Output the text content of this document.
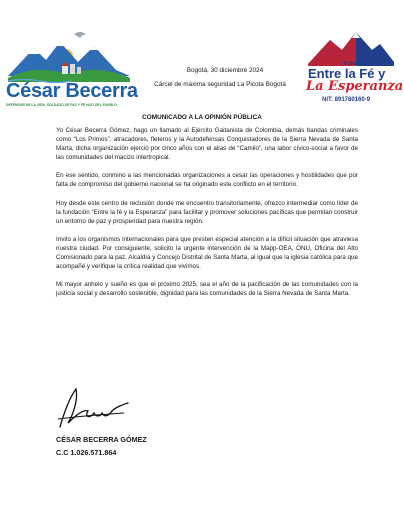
César Becerra
DEFENSOR DE LA VIDA, SOLDADO DE PAZ Y FE HIJO DEL PUEBLO
FUNDACIÓN
Entre la Fé y
La Esperanza
NIT: 891780160-9
Bogotá, 30 diciembre 2024
Cárcel de máxima seguridad La Picota Bogotá
COMUNICADO A LA OPINIÓN PÚBLICA

Yo César Becerra Gómez, hago un llamado al Ejército Gaitanista de Colombia, demás bandas criminales como “Los Primos”, atracadores, fleteros y la Autodefensas Conquistadores de la Sierra Nevada de Santa Marta, dicha organización ejerció por cinco años con el alias de “Camilo”, una labor cívico-social a favor de las comunidades del macizo intertropical.

En ese sentido, conmino a las mencionadas organizaciones a cesar las operaciones y hostilidades que por falta de compromiso del gobierno nacional se ha originado este conflicto en el territorio.

Hoy desde este centro de reclusión donde me encuentro transitoriamente, ofrezco intermediar como líder de la fundación “Entre la fé y la Esperanza” para facilitar y promover soluciones pacíficas que permitan construir un entorno de paz y prosperidad para nuestra región.

Invito a los organismos internacionales para que presten especial atención a la difícil situación que atraviesa nuestra ciudad. Por consiguiente, solicito la urgente intervención de la Mapp-OEA, ONU, Oficina del Alto Comisionado para la paz, Alcaldía y Concejo Distrital de Santa Marta, al igual que la iglesia católica para que acompañé y verifique la crítica realidad que vivimos.

Mi mayor anhelo y sueño es que el próximo 2025, sea el año de la pacificación de las comunidades con la justicia social y desarrollo sostenible, dignidad para las comunidades de la Sierra Nevada de Santa Marta.

CÉSAR BECERRA GÓMEZ
C.C 1.026.571.864
